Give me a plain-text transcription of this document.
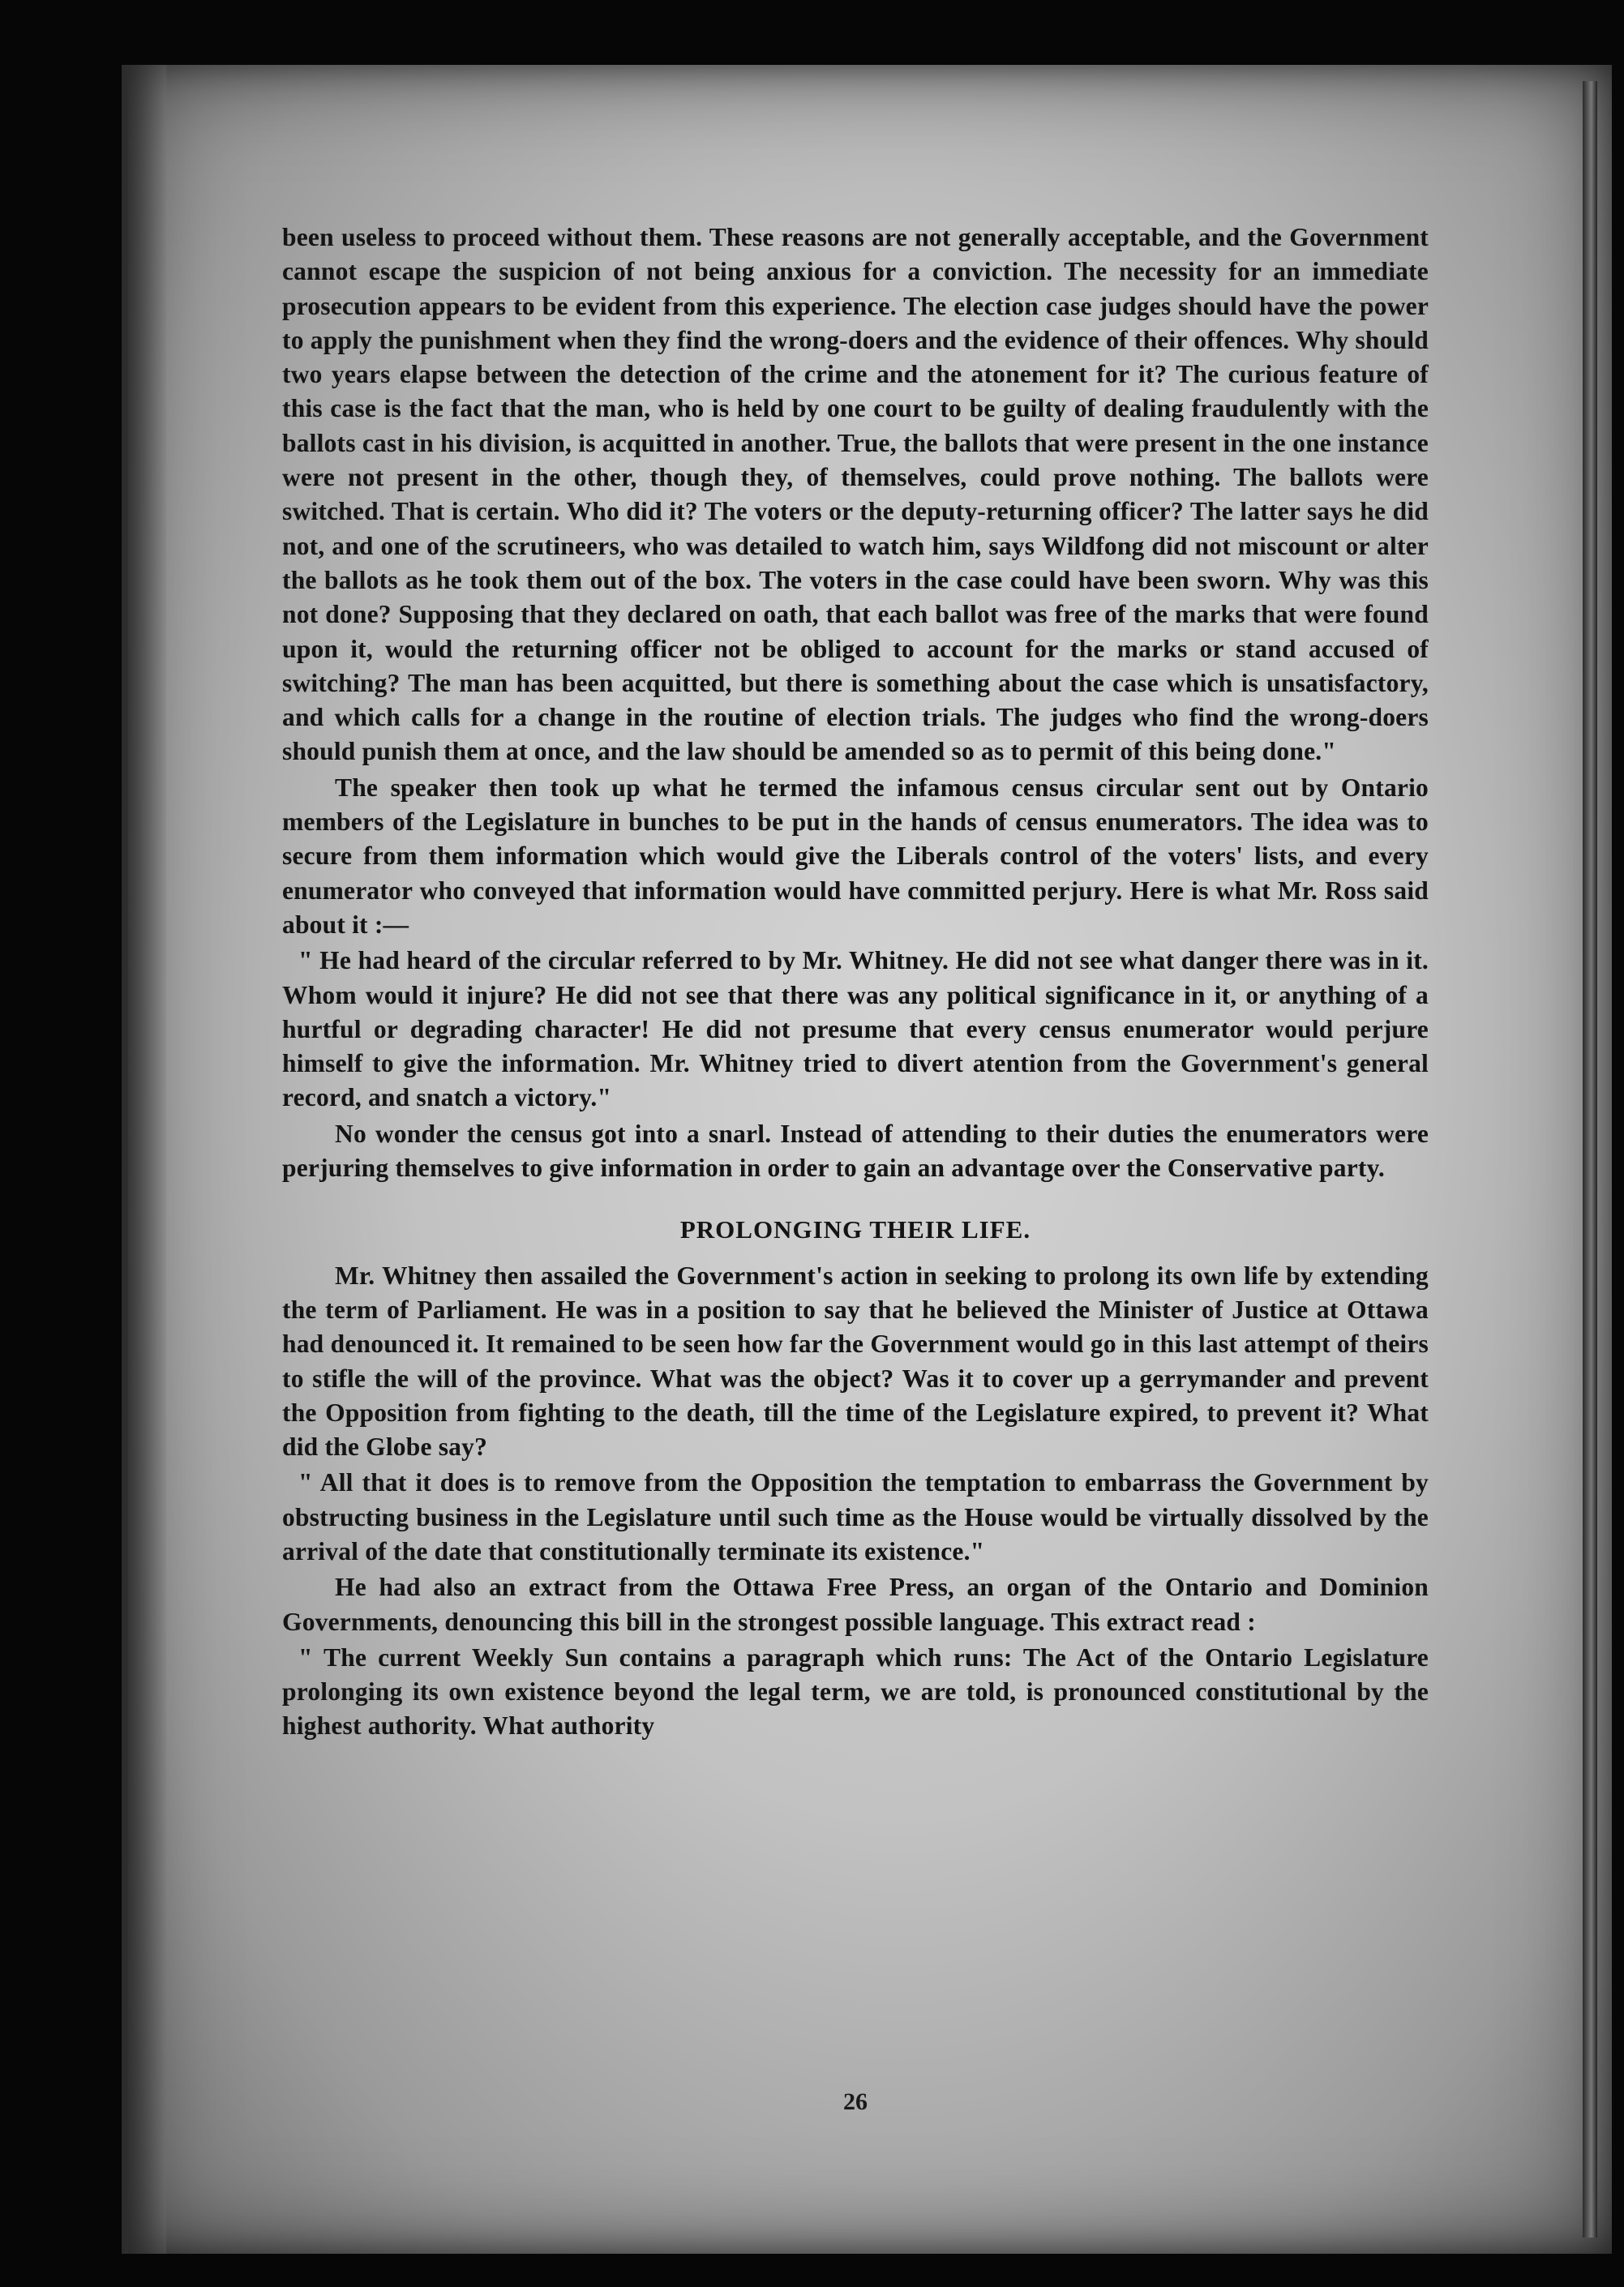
been useless to proceed without them. These reasons are not generally acceptable, and the Government cannot escape the suspicion of not being anxious for a conviction. The necessity for an immediate prosecution appears to be evident from this experience. The election case judges should have the power to apply the punishment when they find the wrong-doers and the evidence of their offences. Why should two years elapse between the detection of the crime and the atonement for it? The curious feature of this case is the fact that the man, who is held by one court to be guilty of dealing fraudulently with the ballots cast in his division, is acquitted in another. True, the ballots that were present in the one instance were not present in the other, though they, of themselves, could prove nothing. The ballots were switched. That is certain. Who did it? The voters or the deputy-returning officer? The latter says he did not, and one of the scrutineers, who was detailed to watch him, says Wildfong did not miscount or alter the ballots as he took them out of the box. The voters in the case could have been sworn. Why was this not done? Supposing that they declared on oath, that each ballot was free of the marks that were found upon it, would the returning officer not be obliged to account for the marks or stand accused of switching? The man has been acquitted, but there is something about the case which is unsatisfactory, and which calls for a change in the routine of election trials. The judges who find the wrong-doers should punish them at once, and the law should be amended so as to permit of this being done."

The speaker then took up what he termed the infamous census circular sent out by Ontario members of the Legislature in bunches to be put in the hands of census enumerators. The idea was to secure from them information which would give the Liberals control of the voters' lists, and every enumerator who conveyed that information would have committed perjury. Here is what Mr. Ross said about it :—

" He had heard of the circular referred to by Mr. Whitney. He did not see what danger there was in it. Whom would it injure? He did not see that there was any political significance in it, or anything of a hurtful or degrading character! He did not presume that every census enumerator would perjure himself to give the information. Mr. Whitney tried to divert atention from the Government's general record, and snatch a victory."

No wonder the census got into a snarl. Instead of attending to their duties the enumerators were perjuring themselves to give information in order to gain an advantage over the Conservative party.

PROLONGING THEIR LIFE.

Mr. Whitney then assailed the Government's action in seeking to prolong its own life by extending the term of Parliament. He was in a position to say that he believed the Minister of Justice at Ottawa had denounced it. It remained to be seen how far the Government would go in this last attempt of theirs to stifle the will of the province. What was the object? Was it to cover up a gerrymander and prevent the Opposition from fighting to the death, till the time of the Legislature expired, to prevent it? What did the Globe say?

" All that it does is to remove from the Opposition the temptation to embarrass the Government by obstructing business in the Legislature until such time as the House would be virtually dissolved by the arrival of the date that constitutionally terminate its existence."

He had also an extract from the Ottawa Free Press, an organ of the Ontario and Dominion Governments, denouncing this bill in the strongest possible language. This extract read :

" The current Weekly Sun contains a paragraph which runs: The Act of the Ontario Legislature prolonging its own existence beyond the legal term, we are told, is pronounced constitutional by the highest authority. What authority

26
